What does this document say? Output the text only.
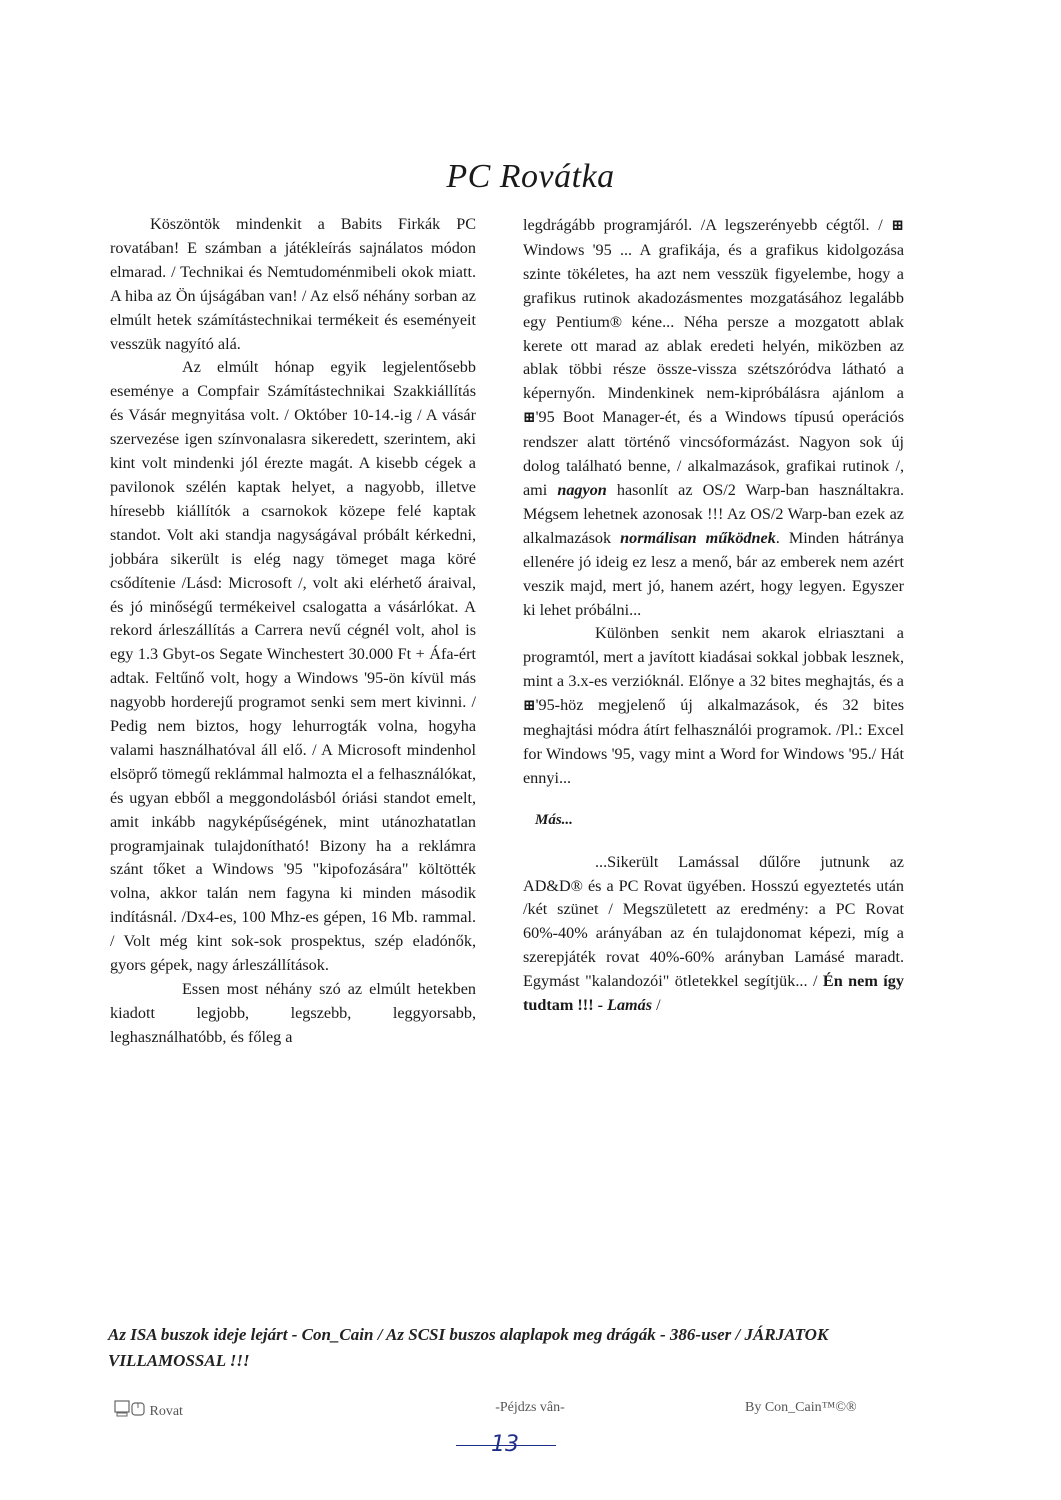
PC Rovátka

Köszöntök mindenkit a Babits Firkák PC rovatában! E számban a játékleírás sajnálatos módon elmarad. / Technikai és Nemtudoménmibeli okok miatt. A hiba az Ön újságában van! / Az első néhány sorban az elmúlt hetek számítástechnikai termékeit és eseményeit vesszük nagyító alá.

Az elmúlt hónap egyik legjelentősebb eseménye a Compfair Számítástechnikai Szakkiállítás és Vásár megnyitása volt. / Október 10-14.-ig / A vásár szervezése igen színvonalasra sikeredett, szerintem, aki kint volt mindenki jól érezte magát. A kisebb cégek a pavilonok szélén kaptak helyet, a nagyobb, illetve híresebb kiállítók a csarnokok közepe felé kaptak standot. Volt aki standja nagyságával próbált kérkedni, jobbára sikerült is elég nagy tömeget maga köré csődítenie /Lásd: Microsoft /, volt aki elérhető áraival, és jó minőségű termékeivel csalogatta a vásárlókat. A rekord árleszállítás a Carrera nevű cégnél volt, ahol is egy 1.3 Gbyt-os Segate Winchestert 30.000 Ft + Áfa-ért adtak. Feltűnő volt, hogy a Windows '95-ön kívül más nagyobb horderejű programot senki sem mert kivinni. / Pedig nem biztos, hogy lehurrogták volna, hogyha valami használhatóval áll elő. / A Microsoft mindenhol elsöprő tömegű reklámmal halmozta el a felhasználókat, és ugyan ebből a meggondolásból óriási standot emelt, amit inkább nagyképűségének, mint utánozhatatlan programjainak tulajdonítható! Bizony ha a reklámra szánt tőket a Windows '95 "kipofozására" költötték volna, akkor talán nem fagyna ki minden második indításnál. /Dx4-es, 100 Mhz-es gépen, 16 Mb. rammal. / Volt még kint sok-sok prospektus, szép eladónők, gyors gépek, nagy árleszállítások.

Essen most néhány szó az elmúlt hetekben kiadott legjobb, legszebb, leggyorsabb, leghasználhatóbb, és főleg a

legdrágább programjáról. /A legszerényebb cégtől. / ⊞ Windows '95 ... A grafikája, és a grafikus kidolgozása szinte tökéletes, ha azt nem vesszük figyelembe, hogy a grafikus rutinok akadozásmentes mozgatásához legalább egy Pentium® kéne... Néha persze a mozgatott ablak kerete ott marad az ablak eredeti helyén, miközben az ablak többi része össze-vissza szétszóródva látható a képernyőn. Mindenkinek nem-kipróbálásra ajánlom a ⊞'95 Boot Manager-ét, és a Windows típusú operációs rendszer alatt történő vincsóformázást. Nagyon sok új dolog található benne, / alkalmazások, grafikai rutinok /, ami nagyon hasonlít az OS/2 Warp-ban használtakra. Mégsem lehetnek azonosak !!! Az OS/2 Warp-ban ezek az alkalmazások normálisan működnek. Minden hátránya ellenére jó ideig ez lesz a menő, bár az emberek nem azért veszik majd, mert jó, hanem azért, hogy legyen. Egyszer ki lehet próbálni...

Különben senkit nem akarok elriasztani a programtól, mert a javított kiadásai sokkal jobbak lesznek, mint a 3.x-es verzióknál. Előnye a 32 bites meghajtás, és a ⊞'95-höz megjelenő új alkalmazások, és 32 bites meghajtási módra átírt felhasználói programok. /Pl.: Excel for Windows '95, vagy mint a Word for Windows '95./ Hát ennyi...

Más...

...Sikerült Lamással dűlőre jutnunk az AD&D® és a PC Rovat ügyében. Hosszú egyeztetés után /két szünet / Megszületett az eredmény: a PC Rovat 60%-40% arányában az én tulajdonomat képezi, míg a szerepjáték rovat 40%-60% arányban Lamásé maradt. Egymást "kalandozói" ötletekkel segítjük... / Én nem így tudtam !!! - Lamás /

Az ISA buszok ideje lejárt - Con_Cain / Az SCSI buszos alaplapok meg drágák - 386-user / JÁRJATOK VILLAMOSSAL !!!
Rovat	-Péjdzs vân-	By Con_Cain™©®
13
